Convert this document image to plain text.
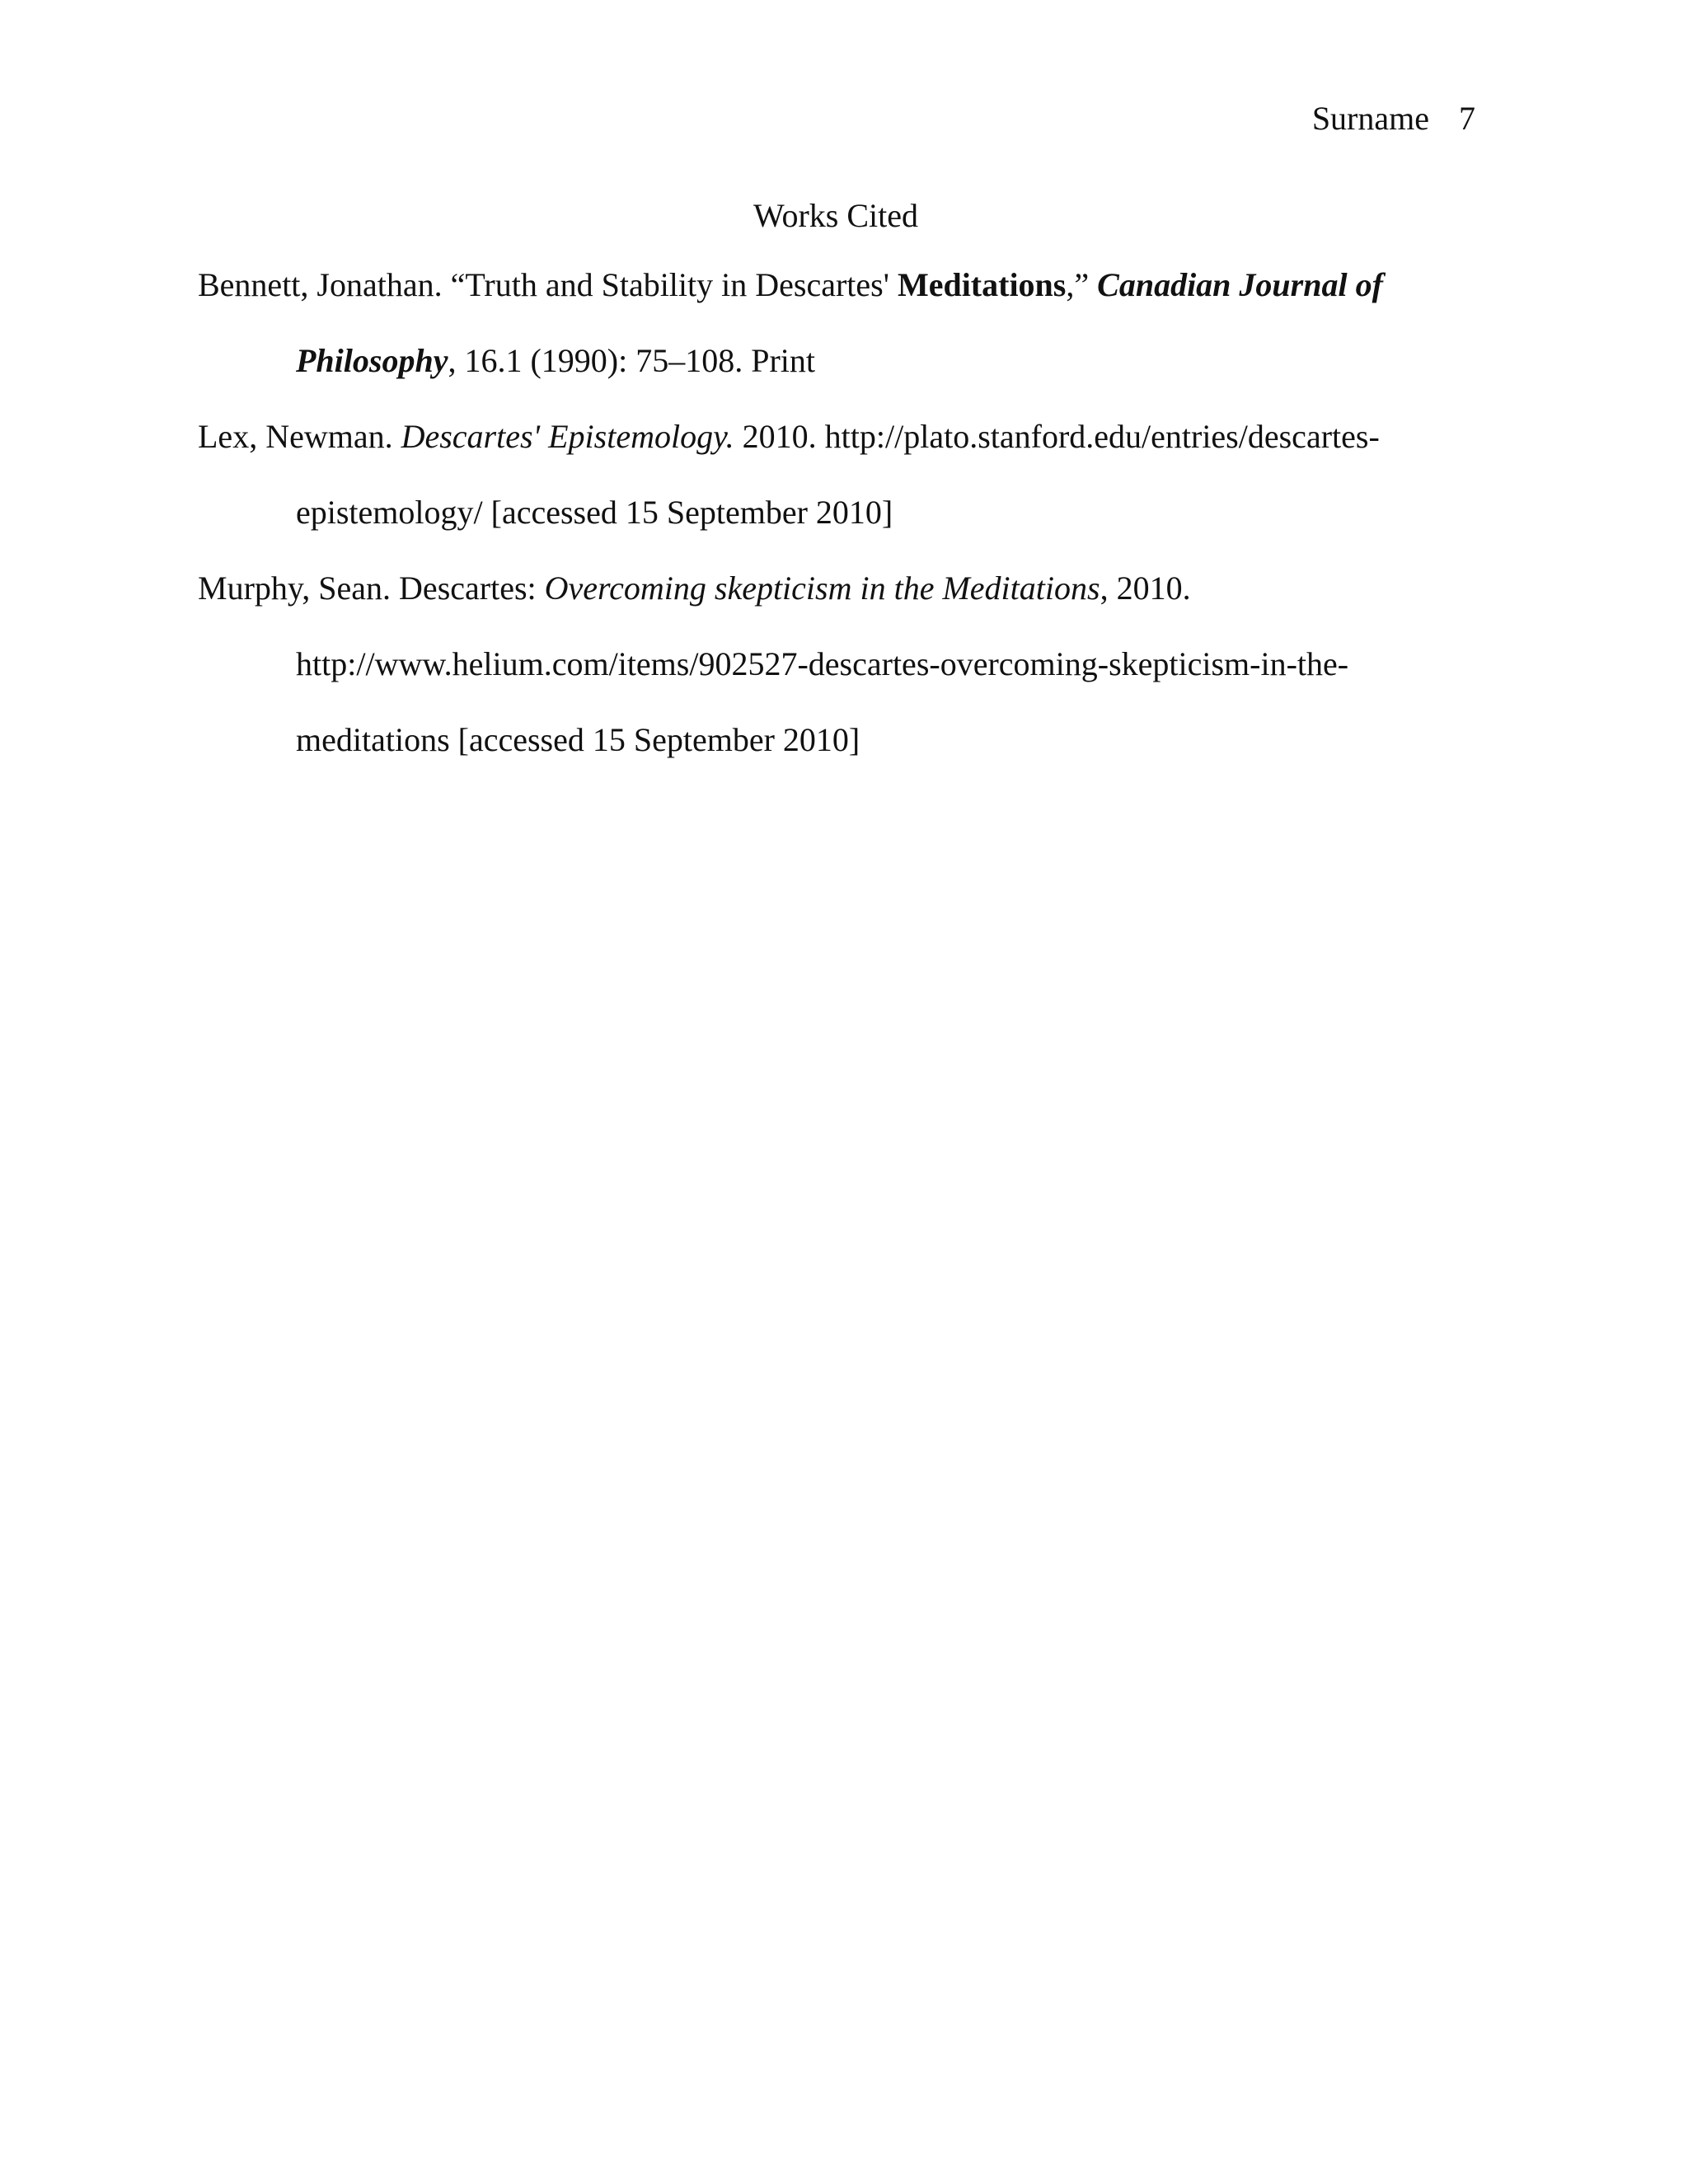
Surname 7
Works Cited
Bennett, Jonathan. “Truth and Stability in Descartes' Meditations,” Canadian Journal of Philosophy, 16.1 (1990): 75–108. Print
Lex, Newman. Descartes' Epistemology. 2010. http://plato.stanford.edu/entries/descartes-epistemology/ [accessed 15 September 2010]
Murphy, Sean. Descartes: Overcoming skepticism in the Meditations, 2010.
http://www.helium.com/items/902527-descartes-overcoming-skepticism-in-the-meditations [accessed 15 September 2010]
